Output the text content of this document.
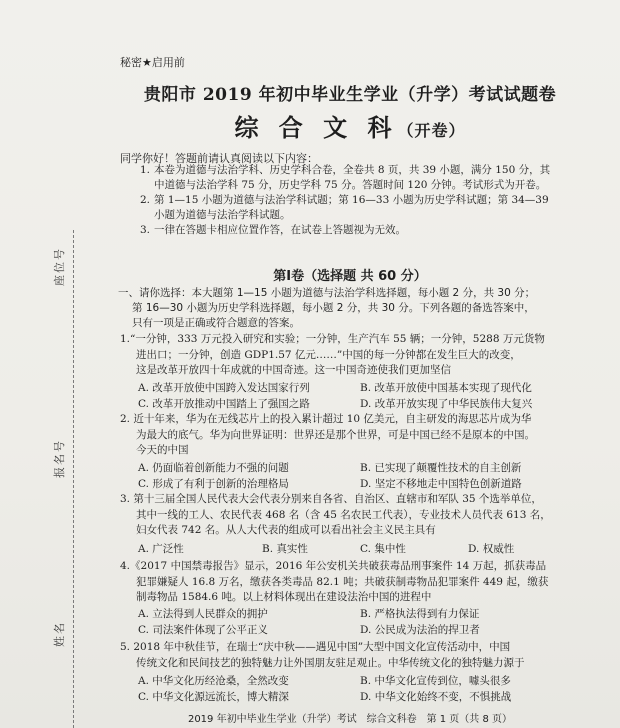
号
位
座
号
名
报
名
姓
秘密★启用前
贵阳市 2019 年初中毕业生学业（升学）考试试题卷
综 合 文 科（开卷）
同学你好！答题前请认真阅读以下内容：
1. 本卷为道德与法治学科、历史学科合卷，全卷共 8 页，共 39 小题，满分 150 分，其
中道德与法治学科 75 分，历史学科 75 分。答题时间 120 分钟。考试形式为开卷。
2. 第 1—15 小题为道德与法治学科试题；第 16—33 小题为历史学科试题；第 34—39
小题为道德与法治学科试题。
3. 一律在答题卡相应位置作答，在试卷上答题视为无效。
第Ⅰ卷（选择题 共 60 分）
一、请你选择：本大题第 1—15 小题为道德与法治学科选择题，每小题 2 分，共 30 分；
第 16—30 小题为历史学科选择题，每小题 2 分，共 30 分。下列各题的备选答案中，
只有一项是正确或符合题意的答案。
1.“一分钟，333 万元投入研究和实验；一分钟，生产汽车 55 辆；一分钟，5288 万元货物
进出口；一分钟，创造 GDP1.57 亿元……”中国的每一分钟都在发生巨大的改变，
这是改革开放四十年成就的中国奇迹。这一中国奇迹使我们更加坚信
A. 改革开放使中国跨入发达国家行列	B. 改革开放使中国基本实现了现代化
C. 改革开放推动中国踏上了强国之路	D. 改革开放实现了中华民族伟大复兴
2. 近十年来，华为在无线芯片上的投入累计超过 10 亿美元，自主研发的海思芯片成为华
为最大的底气。华为向世界证明：世界还是那个世界，可是中国已经不是原本的中国。
今天的中国
A. 仍面临着创新能力不强的问题	B. 已实现了颠覆性技术的自主创新
C. 形成了有利于创新的治理格局	D. 坚定不移地走中国特色创新道路
3. 第十三届全国人民代表大会代表分别来自各省、自治区、直辖市和军队 35 个选举单位，
其中一线的工人、农民代表 468 名（含 45 名农民工代表），专业技术人员代表 613 名，
妇女代表 742 名。从人大代表的组成可以看出社会主义民主具有
A. 广泛性	B. 真实性	C. 集中性	D. 权威性
4.《2017 中国禁毒报告》显示，2016 年公安机关共破获毒品刑事案件 14 万起，抓获毒品
犯罪嫌疑人 16.8 万名，缴获各类毒品 82.1 吨；共破获制毒物品犯罪案件 449 起，缴获
制毒物品 1584.6 吨。以上材料体现出在建设法治中国的进程中
A. 立法得到人民群众的拥护	B. 严格执法得到有力保证
C. 司法案件体现了公平正义	D. 公民成为法治的捍卫者
5. 2018 年中秋佳节，在瑞士“庆中秋——遇见中国”大型中国文化宣传活动中，中国
传统文化和民间技艺的独特魅力让外国朋友驻足观止。中华传统文化的独特魅力源于
A. 中华文化历经沧桑，全然改变	B. 中华文化宣传到位，噱头很多
C. 中华文化源远流长，博大精深	D. 中华文化始终不变，不惧挑战
2019 年初中毕业生学业（升学）考试　综合文科卷　第 1 页（共 8 页）
